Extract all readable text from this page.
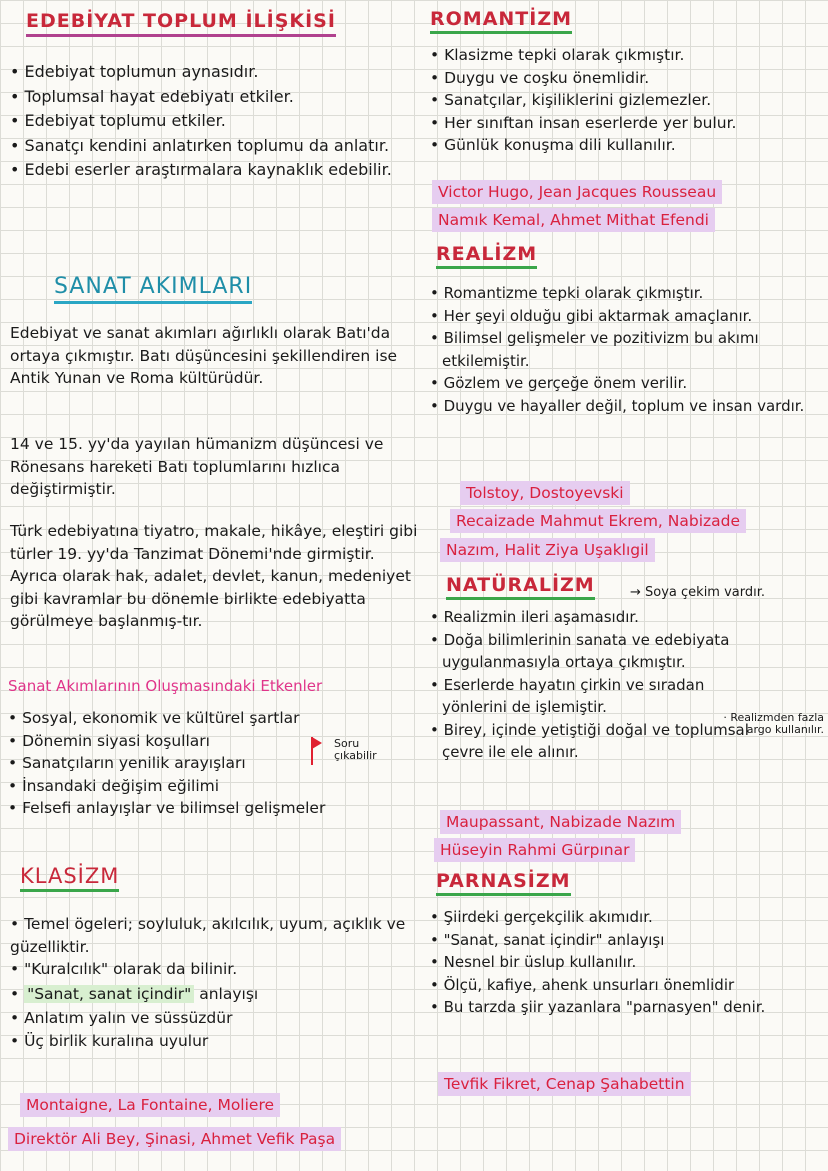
EDEBİYAT TOPLUM İLİŞKİSİ
• Edebiyat toplumun aynasıdır.
• Toplumsal hayat edebiyatı etkiler.
• Edebiyat toplumu etkiler.
• Sanatçı kendini anlatırken toplumu da anlatır.
• Edebi eserler araştırmalara kaynaklık edebilir.
SANAT AKIMLARI
Edebiyat ve sanat akımları ağırlıklı olarak Batı'da ortaya çıkmıştır. Batı düşüncesini şekillendiren ise Antik Yunan ve Roma kültürüdür.
14 ve 15. yy'da yayılan hümanizm düşüncesi ve Rönesans hareketi Batı toplumlarını hızlıca değiştirmiştir.
Türk edebiyatına tiyatro, makale, hikâye, eleştiri gibi türler 19. yy'da Tanzimat Dönemi'nde girmiştir. Ayrıca olarak hak, adalet, devlet, kanun, medeniyet gibi kavramlar bu dönemle birlikte edebiyatta görülmeye başlanmış-tır.
Sanat Akımlarının Oluşmasındaki Etkenler
• Sosyal, ekonomik ve kültürel şartlar
• Dönemin siyasi koşulları
• Sanatçıların yenilik arayışları
• İnsandaki değişim eğilimi
• Felsefi anlayışlar ve bilimsel gelişmeler
Soru çıkabilir
KLASİZM
• Temel ögeleri; soyluluk, akılcılık, uyum, açıklık ve güzelliktir.
• "Kuralcılık" olarak da bilinir.
• "Sanat, sanat içindir" anlayışı
• Anlatım yalın ve süssüzdür
• Üç birlik kuralına uyulur
Montaigne, La Fontaine, Moliere
Direktör Ali Bey, Şinasi, Ahmet Vefik Paşa
ROMANTİZM
• Klasizme tepki olarak çıkmıştır.
• Duygu ve coşku önemlidir.
• Sanatçılar, kişiliklerini gizlemezler.
• Her sınıftan insan eserlerde yer bulur.
• Günlük konuşma dili kullanılır.
Victor Hugo, Jean Jacques Rousseau
Namık Kemal, Ahmet Mithat Efendi
REALİZM
• Romantizme tepki olarak çıkmıştır.
• Her şeyi olduğu gibi aktarmak amaçlanır.
• Bilimsel gelişmeler ve pozitivizm bu akımı etkilemiştir.
• Gözlem ve gerçeğe önem verilir.
• Duygu ve hayaller değil, toplum ve insan vardır.
Tolstoy, Dostoyevski
Recaizade Mahmut Ekrem, Nabizade
Nazım, Halit Ziya Uşaklıgil
NATÜRALİZM	→ Soya çekim vardır.
• Realizmin ileri aşamasıdır.
• Doğa bilimlerinin sanata ve edebiyata uygulanmasıyla ortaya çıkmıştır.
• Eserlerde hayatın çirkin ve sıradan yönlerini de işlemiştir.
• Birey, içinde yetiştiği doğal ve toplumsal çevre ile ele alınır.
· Realizmden fazla argo kullanılır.
Maupassant, Nabizade Nazım
Hüseyin Rahmi Gürpınar
PARNASİZM
• Şiirdeki gerçekçilik akımıdır.
• "Sanat, sanat içindir" anlayışı
• Nesnel bir üslup kullanılır.
• Ölçü, kafiye, ahenk unsurları önemlidir
• Bu tarzda şiir yazanlara "parnasyen" denir.
Tevfik Fikret, Cenap Şahabettin
